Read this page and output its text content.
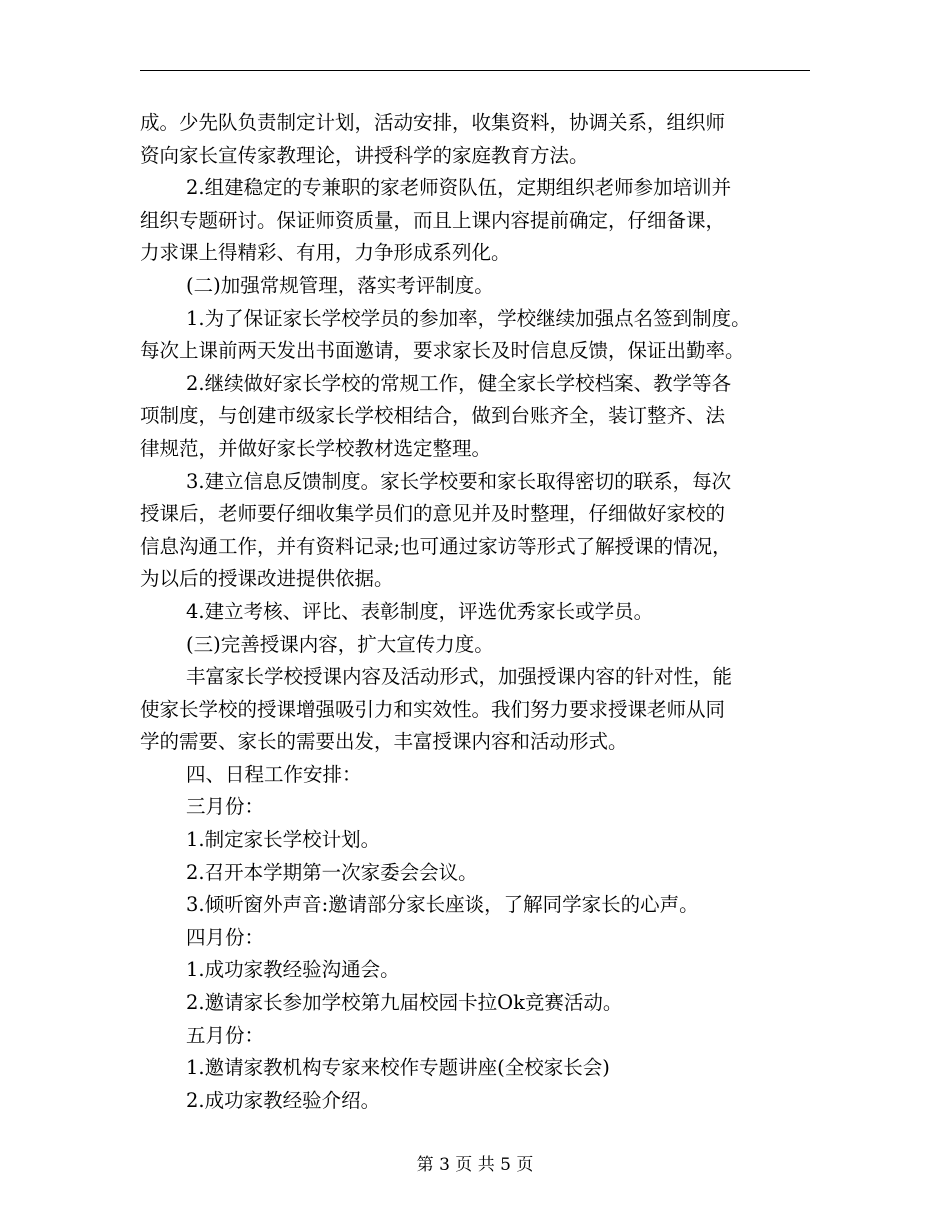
成。少先队负责制定计划，活动安排，收集资料，协调关系，组织师
资向家长宣传家教理论，讲授科学的家庭教育方法。
2.组建稳定的专兼职的家老师资队伍，定期组织老师参加培训并
组织专题研讨。保证师资质量，而且上课内容提前确定，仔细备课，
力求课上得精彩、有用，力争形成系列化。
(二)加强常规管理，落实考评制度。
1.为了保证家长学校学员的参加率，学校继续加强点名签到制度。
每次上课前两天发出书面邀请，要求家长及时信息反馈，保证出勤率。
2.继续做好家长学校的常规工作，健全家长学校档案、教学等各
项制度，与创建市级家长学校相结合，做到台账齐全，装订整齐、法
律规范，并做好家长学校教材选定整理。
3.建立信息反馈制度。家长学校要和家长取得密切的联系，每次
授课后，老师要仔细收集学员们的意见并及时整理，仔细做好家校的
信息沟通工作，并有资料记录;也可通过家访等形式了解授课的情况，
为以后的授课改进提供依据。
4.建立考核、评比、表彰制度，评选优秀家长或学员。
(三)完善授课内容，扩大宣传力度。
丰富家长学校授课内容及活动形式，加强授课内容的针对性，能
使家长学校的授课增强吸引力和实效性。我们努力要求授课老师从同
学的需要、家长的需要出发，丰富授课内容和活动形式。
四、日程工作安排：
三月份：
1.制定家长学校计划。
2.召开本学期第一次家委会会议。
3.倾听窗外声音:邀请部分家长座谈，了解同学家长的心声。
四月份：
1.成功家教经验沟通会。
2.邀请家长参加学校第九届校园卡拉Ok竞赛活动。
五月份：
1.邀请家教机构专家来校作专题讲座(全校家长会)
2.成功家教经验介绍。
第 3 页 共 5 页
